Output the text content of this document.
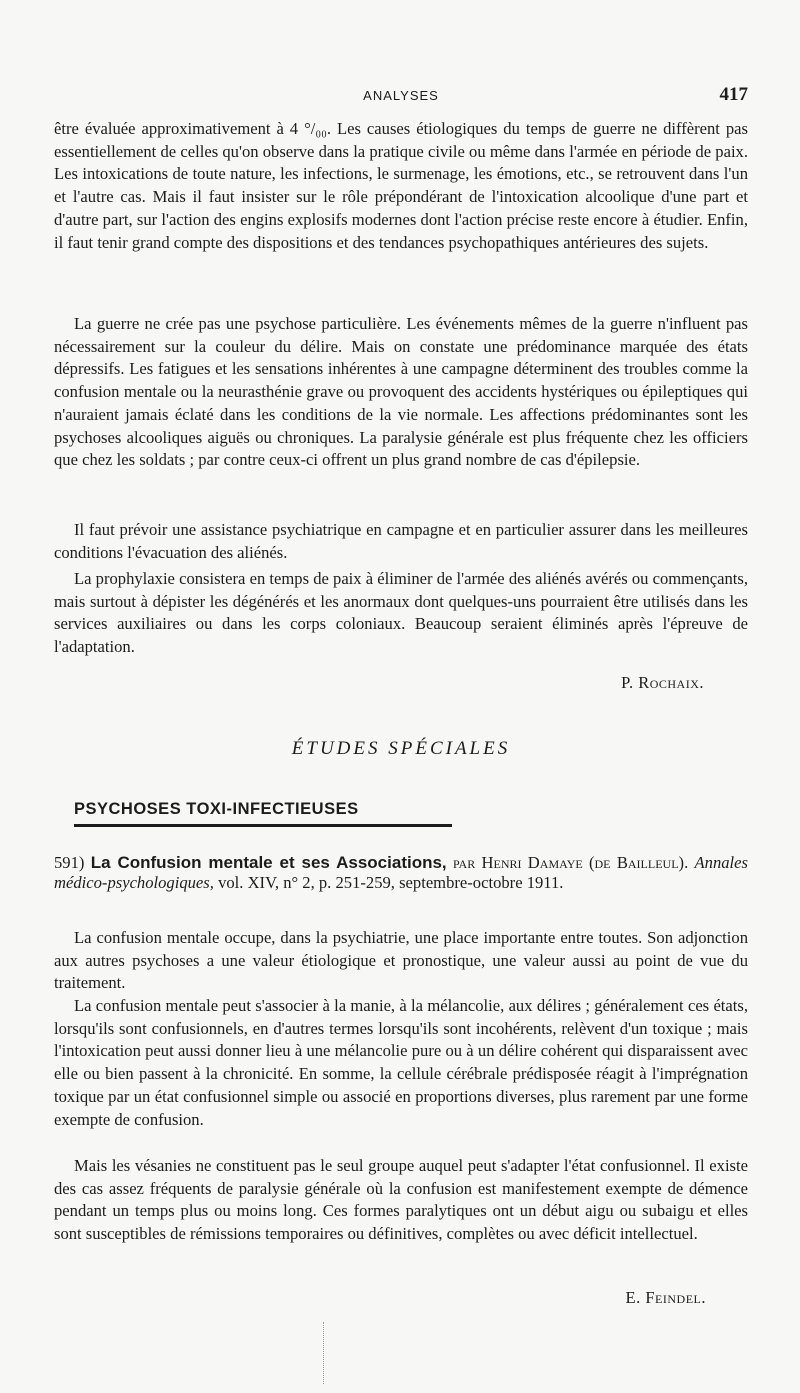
ANALYSES	417

être évaluée approximativement à 4 °/₀₀. Les causes étiologiques du temps de guerre ne diffèrent pas essentiellement de celles qu'on observe dans la pratique civile ou même dans l'armée en période de paix. Les intoxications de toute nature, les infections, le surmenage, les émotions, etc., se retrouvent dans l'un et l'autre cas. Mais il faut insister sur le rôle prépondérant de l'intoxication alcoolique d'une part et d'autre part, sur l'action des engins explosifs modernes dont l'action précise reste encore à étudier. Enfin, il faut tenir grand compte des dispositions et des tendances psychopathiques antérieures des sujets.

La guerre ne crée pas une psychose particulière. Les événements mêmes de la guerre n'influent pas nécessairement sur la couleur du délire. Mais on constate une prédominance marquée des états dépressifs. Les fatigues et les sensations inhérentes à une campagne déterminent des troubles comme la confusion mentale ou la neurasthénie grave ou provoquent des accidents hystériques ou épileptiques qui n'auraient jamais éclaté dans les conditions de la vie normale. Les affections prédominantes sont les psychoses alcooliques aiguës ou chroniques. La paralysie générale est plus fréquente chez les officiers que chez les soldats ; par contre ceux-ci offrent un plus grand nombre de cas d'épilepsie.

Il faut prévoir une assistance psychiatrique en campagne et en particulier assurer dans les meilleures conditions l'évacuation des aliénés.

La prophylaxie consistera en temps de paix à éliminer de l'armée des aliénés avérés ou commençants, mais surtout à dépister les dégénérés et les anormaux dont quelques-uns pourraient être utilisés dans les services auxiliaires ou dans les corps coloniaux. Beaucoup seraient éliminés après l'épreuve de l'adaptation.

P. Rochaix.
ÉTUDES SPÉCIALES
PSYCHOSES TOXI-INFECTIEUSES
591) La Confusion mentale et ses Associations, par Henri Damaye (de Bailleul). Annales médico-psychologiques, vol. XIV, n° 2, p. 251-259, septembre-octobre 1911.

La confusion mentale occupe, dans la psychiatrie, une place importante entre toutes. Son adjonction aux autres psychoses a une valeur étiologique et pronostique, une valeur aussi au point de vue du traitement.

La confusion mentale peut s'associer à la manie, à la mélancolie, aux délires ; généralement ces états, lorsqu'ils sont confusionnels, en d'autres termes lorsqu'ils sont incohérents, relèvent d'un toxique ; mais l'intoxication peut aussi donner lieu à une mélancolie pure ou à un délire cohérent qui disparaissent avec elle ou bien passent à la chronicité. En somme, la cellule cérébrale prédisposée réagit à l'imprégnation toxique par un état confusionnel simple ou associé en proportions diverses, plus rarement par une forme exempte de confusion.

Mais les vésanies ne constituent pas le seul groupe auquel peut s'adapter l'état confusionnel. Il existe des cas assez fréquents de paralysie générale où la confusion est manifestement exempte de démence pendant un temps plus ou moins long. Ces formes paralytiques ont un début aigu ou subaigu et elles sont susceptibles de rémissions temporaires ou définitives, complètes ou avec déficit intellectuel.

E. Feindel.
